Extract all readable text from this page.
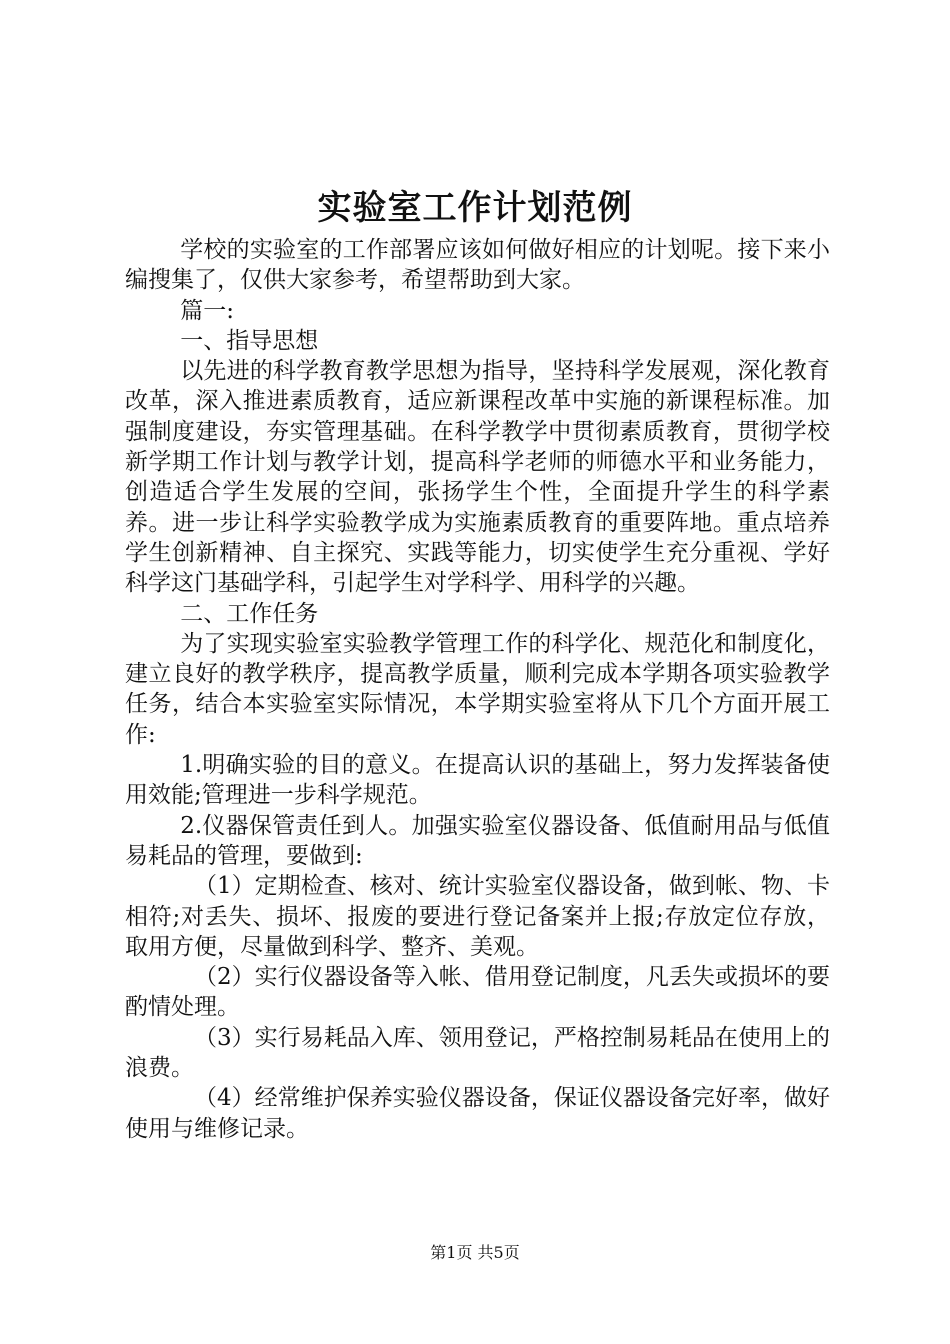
实验室工作计划范例

学校的实验室的工作部署应该如何做好相应的计划呢。接下来小编搜集了，仅供大家参考，希望帮助到大家。

篇一:

一、指导思想

以先进的科学教育教学思想为指导，坚持科学发展观，深化教育改革，深入推进素质教育，适应新课程改革中实施的新课程标准。加强制度建设，夯实管理基础。在科学教学中贯彻素质教育，贯彻学校新学期工作计划与教学计划，提高科学老师的师德水平和业务能力，创造适合学生发展的空间，张扬学生个性，全面提升学生的科学素养。进一步让科学实验教学成为实施素质教育的重要阵地。重点培养学生创新精神、自主探究、实践等能力，切实使学生充分重视、学好科学这门基础学科，引起学生对学科学、用科学的兴趣。

二、工作任务

为了实现实验室实验教学管理工作的科学化、规范化和制度化，建立良好的教学秩序，提高教学质量，顺利完成本学期各项实验教学任务，结合本实验室实际情况，本学期实验室将从下几个方面开展工作:

1.明确实验的目的意义。在提高认识的基础上，努力发挥装备使用效能;管理进一步科学规范。

2.仪器保管责任到人。加强实验室仪器设备、低值耐用品与低值易耗品的管理，要做到:

（1）定期检查、核对、统计实验室仪器设备，做到帐、物、卡相符;对丢失、损坏、报废的要进行登记备案并上报;存放定位存放，取用方便，尽量做到科学、整齐、美观。

（2）实行仪器设备等入帐、借用登记制度，凡丢失或损坏的要酌情处理。

（3）实行易耗品入库、领用登记，严格控制易耗品在使用上的浪费。

（4）经常维护保养实验仪器设备，保证仪器设备完好率，做好使用与维修记录。

第1页 共5页
